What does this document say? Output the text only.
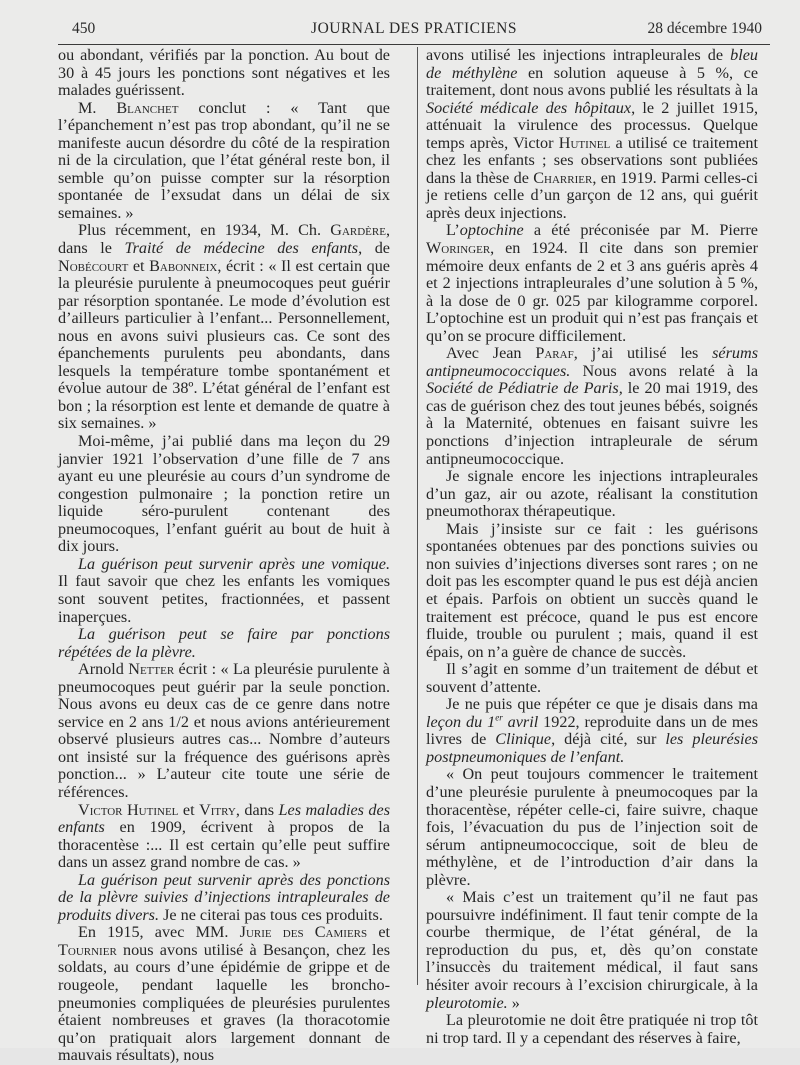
450	JOURNAL DES PRATICIENS	28 décembre 1940

ou abondant, vérifiés par la ponction. Au bout de 30 à 45 jours les ponctions sont négatives et les malades guérissent.

M. Blanchet conclut : « Tant que l’épanchement n’est pas trop abondant, qu’il ne se manifeste aucun désordre du côté de la respiration ni de la circulation, que l’état général reste bon, il semble qu’on puisse compter sur la résorption spontanée de l’exsudat dans un délai de six semaines. »

Plus récemment, en 1934, M. Ch. Gardère, dans le Traité de médecine des enfants, de Nobécourt et Babonneix, écrit : « Il est certain que la pleurésie purulente à pneumocoques peut guérir par résorption spontanée. Le mode d’évolution est d’ailleurs particulier à l’enfant... Personnellement, nous en avons suivi plusieurs cas. Ce sont des épanchements purulents peu abondants, dans lesquels la température tombe spontanément et évolue autour de 38º. L’état général de l’enfant est bon ; la résorption est lente et demande de quatre à six semaines. »

Moi-même, j’ai publié dans ma leçon du 29 janvier 1921 l’observation d’une fille de 7 ans ayant eu une pleurésie au cours d’un syndrome de congestion pulmonaire ; la ponction retire un liquide séro-purulent contenant des pneumocoques, l’enfant guérit au bout de huit à dix jours.

La guérison peut survenir après une vomique. Il faut savoir que chez les enfants les vomiques sont souvent petites, fractionnées, et passent inaperçues.

La guérison peut se faire par ponctions répétées de la plèvre.

Arnold Netter écrit : « La pleurésie purulente à pneumocoques peut guérir par la seule ponction. Nous avons eu deux cas de ce genre dans notre service en 2 ans 1/2 et nous avions antérieurement observé plusieurs autres cas... Nombre d’auteurs ont insisté sur la fréquence des guérisons après ponction... » L’auteur cite toute une série de références.

Victor Hutinel et Vitry, dans Les maladies des enfants en 1909, écrivent à propos de la thoracentèse :... Il est certain qu’elle peut suffire dans un assez grand nombre de cas. »

La guérison peut survenir après des ponctions de la plèvre suivies d’injections intrapleurales de produits divers. Je ne citerai pas tous ces produits.

En 1915, avec MM. Jurie des Camiers et Tournier nous avons utilisé à Besançon, chez les soldats, au cours d’une épidémie de grippe et de rougeole, pendant laquelle les broncho-pneumonies compliquées de pleurésies purulentes étaient nombreuses et graves (la thoracotomie qu’on pratiquait alors largement donnant de mauvais résultats), nous

avons utilisé les injections intrapleurales de bleu de méthylène en solution aqueuse à 5 %, ce traitement, dont nous avons publié les résultats à la Société médicale des hôpitaux, le 2 juillet 1915, atténuait la virulence des processus. Quelque temps après, Victor Hutinel a utilisé ce traitement chez les enfants ; ses observations sont publiées dans la thèse de Charrier, en 1919. Parmi celles-ci je retiens celle d’un garçon de 12 ans, qui guérit après deux injections.

L’optochine a été préconisée par M. Pierre Woringer, en 1924. Il cite dans son premier mémoire deux enfants de 2 et 3 ans guéris après 4 et 2 injections intrapleurales d’une solution à 5 %, à la dose de 0 gr. 025 par kilogramme corporel. L’optochine est un produit qui n’est pas français et qu’on se procure difficilement.

Avec Jean Paraf, j’ai utilisé les sérums antipneumococciques. Nous avons relaté à la Société de Pédiatrie de Paris, le 20 mai 1919, des cas de guérison chez des tout jeunes bébés, soignés à la Maternité, obtenues en faisant suivre les ponctions d’injection intrapleurale de sérum antipneumococcique.

Je signale encore les injections intrapleurales d’un gaz, air ou azote, réalisant la constitution pneumothorax thérapeutique.

Mais j’insiste sur ce fait : les guérisons spontanées obtenues par des ponctions suivies ou non suivies d’injections diverses sont rares ; on ne doit pas les escompter quand le pus est déjà ancien et épais. Parfois on obtient un succès quand le traitement est précoce, quand le pus est encore fluide, trouble ou purulent ; mais, quand il est épais, on n’a guère de chance de succès.

Il s’agit en somme d’un traitement de début et souvent d’attente.

Je ne puis que répéter ce que je disais dans ma leçon du 1er avril 1922, reproduite dans un de mes livres de Clinique, déjà cité, sur les pleurésies postpneumoniques de l’enfant.

« On peut toujours commencer le traitement d’une pleurésie purulente à pneumocoques par la thoracentèse, répéter celle-ci, faire suivre, chaque fois, l’évacuation du pus de l’injection soit de sérum antipneumococcique, soit de bleu de méthylène, et de l’introduction d’air dans la plèvre.

« Mais c’est un traitement qu’il ne faut pas poursuivre indéfiniment. Il faut tenir compte de la courbe thermique, de l’état général, de la reproduction du pus, et, dès qu’on constate l’insuccès du traitement médical, il faut sans hésiter avoir recours à l’excision chirurgicale, à la pleurotomie. »

La pleurotomie ne doit être pratiquée ni trop tôt ni trop tard. Il y a cependant des réserves à faire,
